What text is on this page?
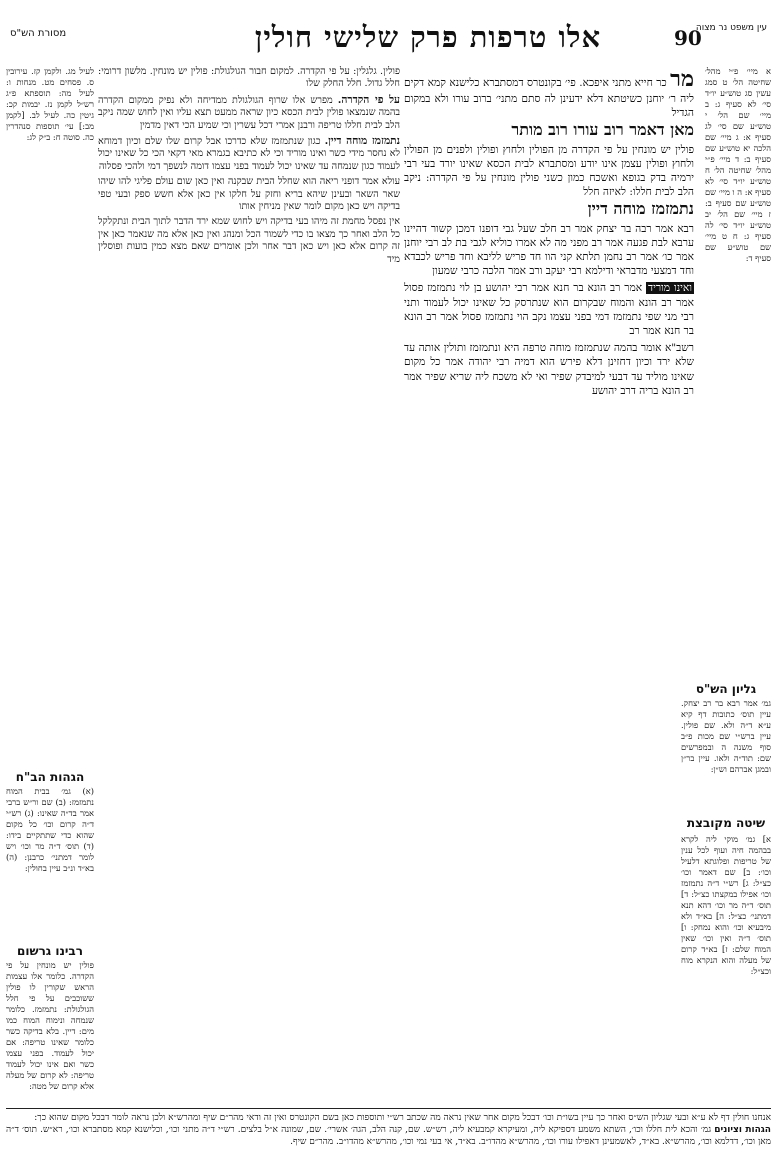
מסורת הש"ס	אלו טרפות פרק שלישי חולין	90
עין משפט נר מצוה

מר כר חייא מתני איפכא. פי׳ בקונטרס דמסתברא כלישנא קמא דקים ליה ר׳ יוחנן כשיטתא דלא ידעינן לה סתם מתני׳ ברוב עורו ולא במקום הגדיל

מאן דאמר רוב עורו רוב מותר

פולין יש מונחין על פי הקדרה מן הפולין ולחוץ ופולין ולפנים מן הפולין ולחוץ ופולין עצמן אינו יודע ומסתברא לבית הכסא שאינו יורד בעי רבי ירמיה בדק בגופא ואשכח כמון כשני פולין מונחין על פי הקדרה: ניקב הלב לבית חללו: לאיזה חלל

נתמזמז מוחה דיין

רבא אמר רבה בר יצחק אמר רב חלב שעל גבי דופנו דמכן קשור דהיינו ערבא לבת פגעה אמר רב מפני מה לא אמרו כוליא לגבי בת לב רבי יוחנן אמר כו׳ אמר רב נחמן תלתא קני הוו חד פריש לליבא וחד פריש לכבדא וחד דמצעי מדבראי ודילמא רבי יעקב ורב אמר הלכה כרבי שמעון

ואינו מוריד אמר רב הונא בר חנא אמר רבי יהושע בן לוי נתמזמז פסול אמר רב הונא והמוח שבקרום הוא שנתרסק כל שאינו יכול לעמוד ותני רבי מני שפי נתמזמז דמי בפני עצמו נקב הוי נתמזמז פסול אמר רב הונא בר חנא אמר רב

רשב"א אומר בהמה שנתמזמז מוחה טרפה היא ונתמזמז ותולין אותה עד שלא ירד וכיון דחזינן דלא פירש הוא דמיה רבי יהודה אמר כל מקום שאינו מוליד עד דבעי למיבדק שפיר ואי לא משכח ליה שריא שפיר אמר רב הונא בריה דרב יהושע

פולין. גלגלין: על פי הקדרה. למקום חבור הגולגולת: פולין יש מונחין. מלשון דרומי: חלל גדול. חלל החלק שלו

על פי הקדרה. מפרש אלו שרוף הגולגולת ממדיחה ולא נפיק ממקום הקדרה בהמה שנמצאו פולין לבית הכסא כיון שראה ממעט תצא עליו ואין לחוש שמה ניקב הלב לבית חללו טריפה ורבנן אמרי דכל עשרין וכי שמיע הכי דאין מדמין

נתמזמז מוחה דיין. כגון שנתמזמז שלא כדרכו אבל קרום שלו שלם וכיון דמוחא לא נחסר מידי כשר ואינו מוריד וכי לא כתיבא בגמרא מאי דקאי הכי כל שאינו יכול לעמוד כגון שנמחה עד שאינו יכול לעמוד בפני עצמו דומה לנשפך דמי ולהכי פסלוה

עולא אמר דופני ריאה הוא שחלל הבית שבקנה ואין כאן שום עולם פליגי להו שיהו שאר השאר ובעינן שיהא בריא וחזק על חלקו אין כאן אלא חשש ספק ובעי טפי בדיקה ויש כאן מקום לומר שאין מניחין אותו

אין נפסל מחמת זה מיהו בעי בדיקה ויש לחוש שמא ירד הדבר לתוך הבית ונתקלקל כל הלב ואחר כך מצאו בו כדי לשמור הכל ומנהג ואין כאן אלא מה שנאמר כאן אין זה קרום אלא כאן ויש כאן דבר אחר ולכן אומרים שאם מצא כמין בועות ופוסלין מיד

א מיי׳ פ״י מהל׳ שחיטה הל׳ ט סמג עשין סג טוש״ע יו״ד סי׳ לא סעיף ג: ב מיי׳ שם הל׳ י טוש״ע שם סי׳ לג סעיף א: ג מיי׳ שם הלכה יא טוש״ע שם סעיף ב: ד מיי׳ פ״י מהל׳ שחיטה הל׳ ח טוש״ע יו״ד סי׳ לא סעיף א: ה ו מיי׳ שם טוש״ע שם סעיף ב: ז מיי׳ שם הל׳ יב טוש״ע יו״ד סי׳ לה סעיף ג: ח ט מיי׳ שם טוש״ע שם סעיף ד:
לעיל מג. ולקמן קז. עירובין ס. פסחים מט. מנחות ו: לעיל מה: תוספתא פ״ג רש״ל לקמן נז. יבמות קכ: גיטין כה. לעיל לב. [לקמן מב:] עי׳ תוספות סנהדרין כה. סוטה ח: ב״ק לג:
גליון הש"ס
גמ׳ אמר רבא בר רב יצחק. עיין תוס׳ כתובות דף קיא ע״א ד״ה ולא. שם פולין. עיין ברש״י שם מכות פ״ב סוף משנה ה ובמפרשים שם: תוד״ה ולאו. עיין בר״ן ובמגן אברהם וש״ן:
שיטה מקובצת
א] גמ׳ מוקי ליה לקרא בבהמה חיה ועוף לכל ענין של טריפות ופלוגתא דלעיל וכו׳: ב] שם דאמר וכו׳ כצ״ל: ג] רש״י ד״ה נתמזמז וכו׳ אפילו במקצתו כצ״ל: ד] תוס׳ ד״ה מר וכו׳ דהא תנא דמתני׳ כצ״ל: ה] בא״ד ולא מיבעיא וכו׳ והוא נמחק: ו] תוס׳ ד״ה ואין וכו׳ שאין המוח שלם: ז] בא״ד קרום של מעלה והוא הנקרא מוח וכצ״ל:
הגהות הב"ח
(א) גמ׳ בבית המוח נתמזמז: (ב) שם ור״ש ברבי אמר בד״ה שאינו: (ג) רש״י ד״ה קרום וכו׳ כל מקום שהוא כדי שתתקיים בידו: (ד) תוס׳ ד״ה מר וכו׳ ויש לומר דמתני׳ כרבנן: (ה) בא״ד ונ״ב עיין בחולין:
רבינו גרשום
פולין יש מונחין על פי הקדרה. כלומר אלו עצמות הראש שקורין לו פולין ששוכבים על פי חלל הגולגולת: נתמזמז. כלומר שנמחה ונימוח המוח כמו מים: דיין. בלא בדיקה כשר כלומר שאינו טריפה: אם יכול לעמוד. בפני עצמו כשר ואם אינו יכול לעמוד טריפה: לא קרום של מעלה אלא קרום של מטה:
אנחנו חולין דף לא ע״א ובעי שגליון הש״ס ואחר כך עיין בשו״ת וכו׳ דבכל מקום אחר שאין נראה מה שכתב רש״י ותוספות כאן בשם הקונטרס ואין זה ודאי מהר״ם שיף ומהרש״א ולכן נראה לומר דבכל מקום שהוא כך:
הגהות וציונים גמ׳ והכא לית חללו וכו׳, השתא משמע דספיקא ליה, ומעיקרא קמבעיא ליה, רש״ש. שם, קנה הלב, הגה׳ אשרי׳. שם, שמונה א״ל בלצים. רש״י ד״ה מתני וכו׳, וכלישנא קמא מסתברא וכו׳, רא״ש. תוס׳ ד״ה מאן וכו׳, דדלמא וכו׳, מהרש״א. בא״ד, לאשמעינן דאפילו עורו וכו׳, מהרש״א מהדו״ב. בא״ד, אי בעי נמי וכו׳, מהרש״א מהדו״ב. מהר״ם שיף.
